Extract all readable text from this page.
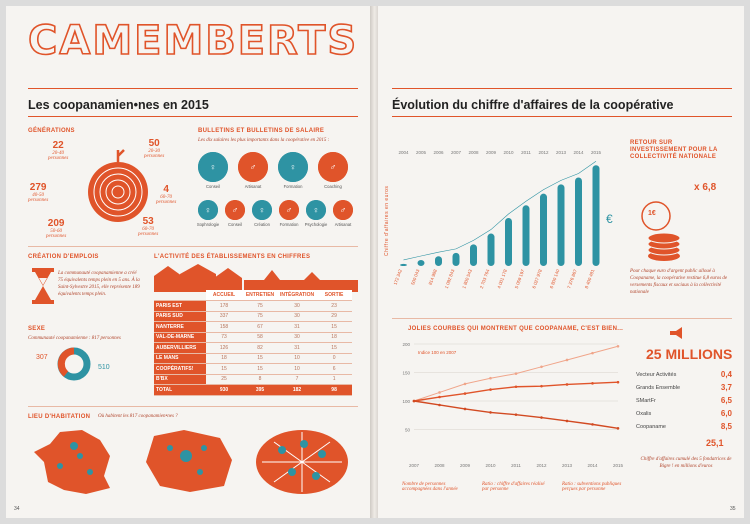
CAMEMBERTS
Les coopanamien•nes en 2015
GÉNÉRATIONS
22
20-40
personnes
50
20-30
personnes
279
40-50
personnes
4
60-70
personnes
209
50-60
personnes
53
60-70
personnes
BULLETINS ET BULLETINS DE SALAIRE
Les dix salaires les plus importants dans la coopérative en 2015 :
♀
Conseil
♂
Artisanat
♀
Formation
♂
Coaching
♀
Sophrologie
♂
Conseil
♀
Création
♂
Formation
♀
Psychologie
♂
Artisanat
CRÉATION D'EMPLOIS
La communauté coopanamienne a créé 75 équivalents temps plein en 5 ans. À la Saint-Sylvestre 2015, elle représente 189 équivalents temps plein.
L'ACTIVITÉ DES ÉTABLISSEMENTS EN CHIFFRES
	ACCUEIL	ENTRETIEN	INTÉGRATION	SORTIE
PARIS EST	178	75	30	23
PARIS SUD	337	75	30	29
NANTERRE	158	67	31	15
VAL-DE-MARNE	73	58	30	18
AUBERVILLIERS	126	82	31	15
LE MANS	18	15	10	0
COOPÉRATIFS!	15	15	10	6
B'BX	25	8	7	1
TOTAL	930	395	182	98
SEXE
Communauté coopanamienne : 817 personnes
307
510
LIEU D'HABITATION Où habitent les 817 coopanamien•nes ?
34
Évolution du chiffre d'affaires de la coopérative
2004
172 342
2005
500 043
2006
814 988
2007
1 092 843
2008
1 800 543
2009
2 703 764
2010
4 001 178
2011
5 059 197
2012
6 027 978
2013
6 800 140
2014
7 376 867
2015
8 400 481
Chiffre d'affaires en euros	€
RETOUR SUR INVESTISSEMENT POUR LA COLLECTIVITÉ NATIONALE
1€
x 6,8
Pour chaque euro d'argent public alloué à Coopaname, la coopérative restitue 6,8 euros de versements fiscaux et sociaux à la collectivité nationale
JOLIES COURBES QUI MONTRENT QUE COOPANAME, C'EST BIEN...
50
100
150
200
Indice 100 en 2007
2007	2008	2009	2010	2011	2012	2013	2014	2015
Nombre de personnes accompagnées dans l'année
Ratio : chiffre d'affaires réalisé par personne
Ratio : subventions publiques perçues par personne
25 MILLIONS
Vecteur Activités	0,4
Grands Ensemble	3,7
SMartFr	6,5
Oxalis	6,0
Coopaname	8,5
25,1
Chiffre d'affaires cumulé des 5 fondatrices de Bigre ! en millions d'euros
35
